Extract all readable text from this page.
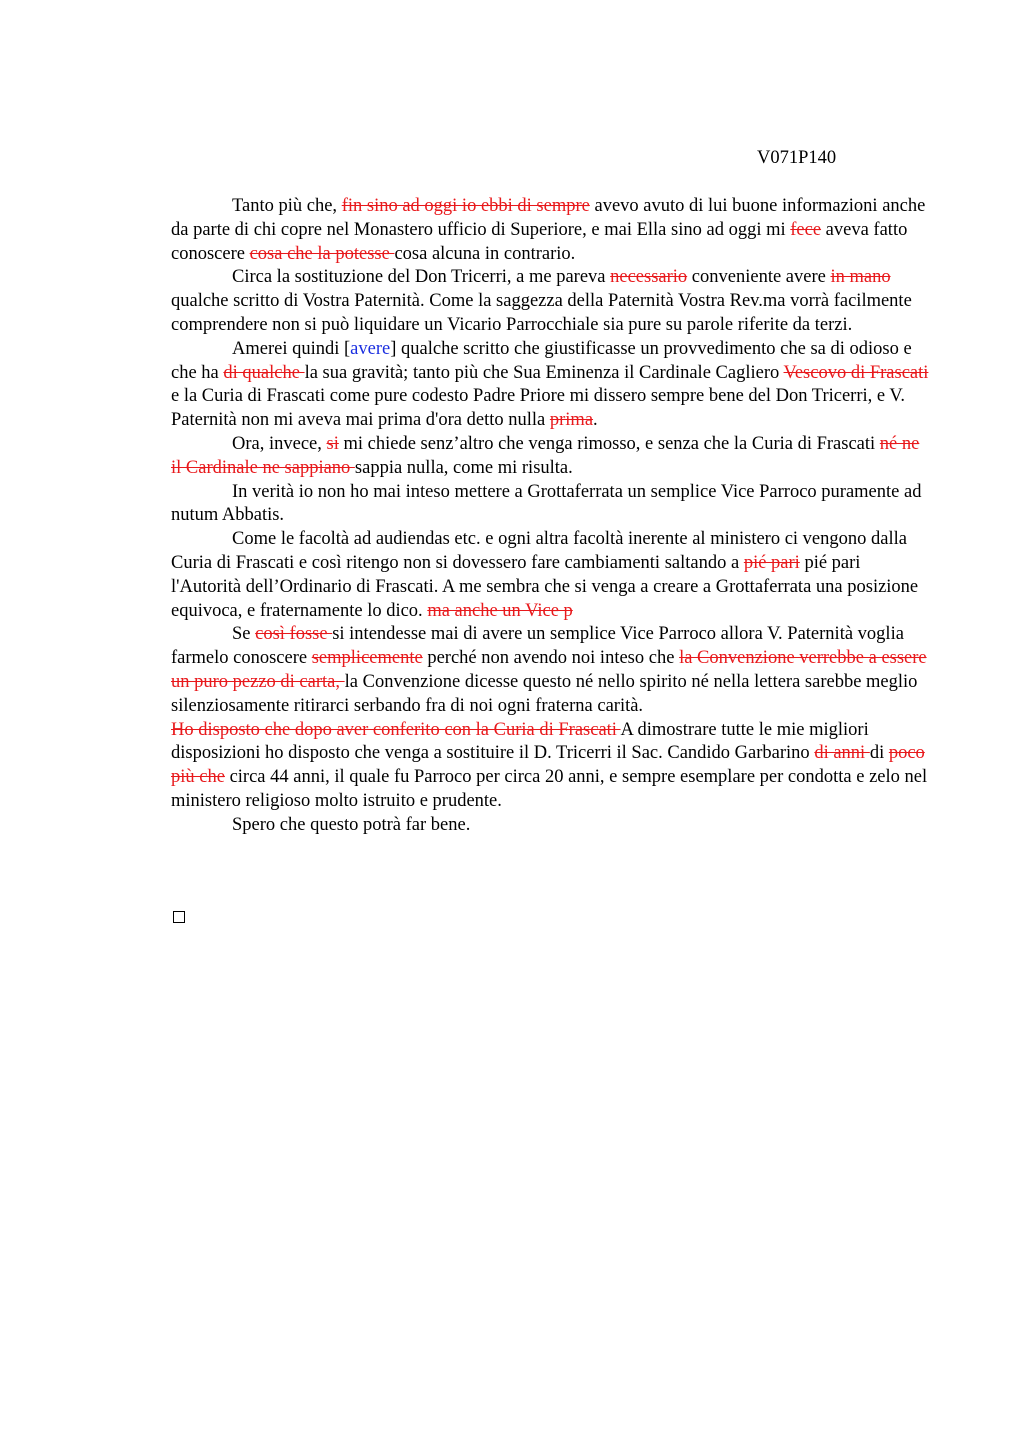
V071P140

Tanto più che, fin sino ad oggi io ebbi di sempre avevo avuto di lui buone informazioni anche da parte di chi copre nel Monastero ufficio di Superiore, e mai Ella sino ad oggi mi fece aveva fatto conoscere cosa che la potesse cosa alcuna in contrario.

Circa la sostituzione del Don Tricerri, a me pareva necessario conveniente avere in mano qualche scritto di Vostra Paternità. Come la saggezza della Paternità Vostra Rev.ma vorrà facilmente comprendere non si può liquidare un Vicario Parrocchiale sia pure su parole riferite da terzi.

Amerei quindi [avere] qualche scritto che giustificasse un provvedimento che sa di odioso e che ha di qualche la sua gravità; tanto più che Sua Eminenza il Cardinale Cagliero Vescovo di Frascati e la Curia di Frascati come pure codesto Padre Priore mi dissero sempre bene del Don Tricerri, e V. Paternità non mi aveva mai prima d'ora detto nulla prima.

Ora, invece, si mi chiede senz’altro che venga rimosso, e senza che la Curia di Frascati né ne il Cardinale ne sappiano sappia nulla, come mi risulta.

In verità io non ho mai inteso mettere a Grottaferrata un semplice Vice Parroco puramente ad nutum Abbatis.

Come le facoltà ad audiendas etc. e ogni altra facoltà inerente al ministero ci vengono dalla Curia di Frascati e così ritengo non si dovessero fare cambiamenti saltando a pié pari pié pari l'Autorità dell’Ordinario di Frascati. A me sembra che si venga a creare a Grottaferrata una posizione equivoca, e fraternamente lo dico. ma anche un Vice p

Se così fosse si intendesse mai di avere un semplice Vice Parroco allora V. Paternità voglia farmelo conoscere semplicemente perché non avendo noi inteso che la Convenzione verrebbe a essere un puro pezzo di carta, la Convenzione dicesse questo né nello spirito né nella lettera sarebbe meglio silenziosamente ritirarci serbando fra di noi ogni fraterna carità.

Ho disposto che dopo aver conferito con la Curia di Frascati A dimostrare tutte le mie migliori disposizioni ho disposto che venga a sostituire il D. Tricerri il Sac. Candido Garbarino di anni di poco più che circa 44 anni, il quale fu Parroco per circa 20 anni, e sempre esemplare per condotta e zelo nel ministero religioso molto istruito e prudente.

Spero che questo potrà far bene.
